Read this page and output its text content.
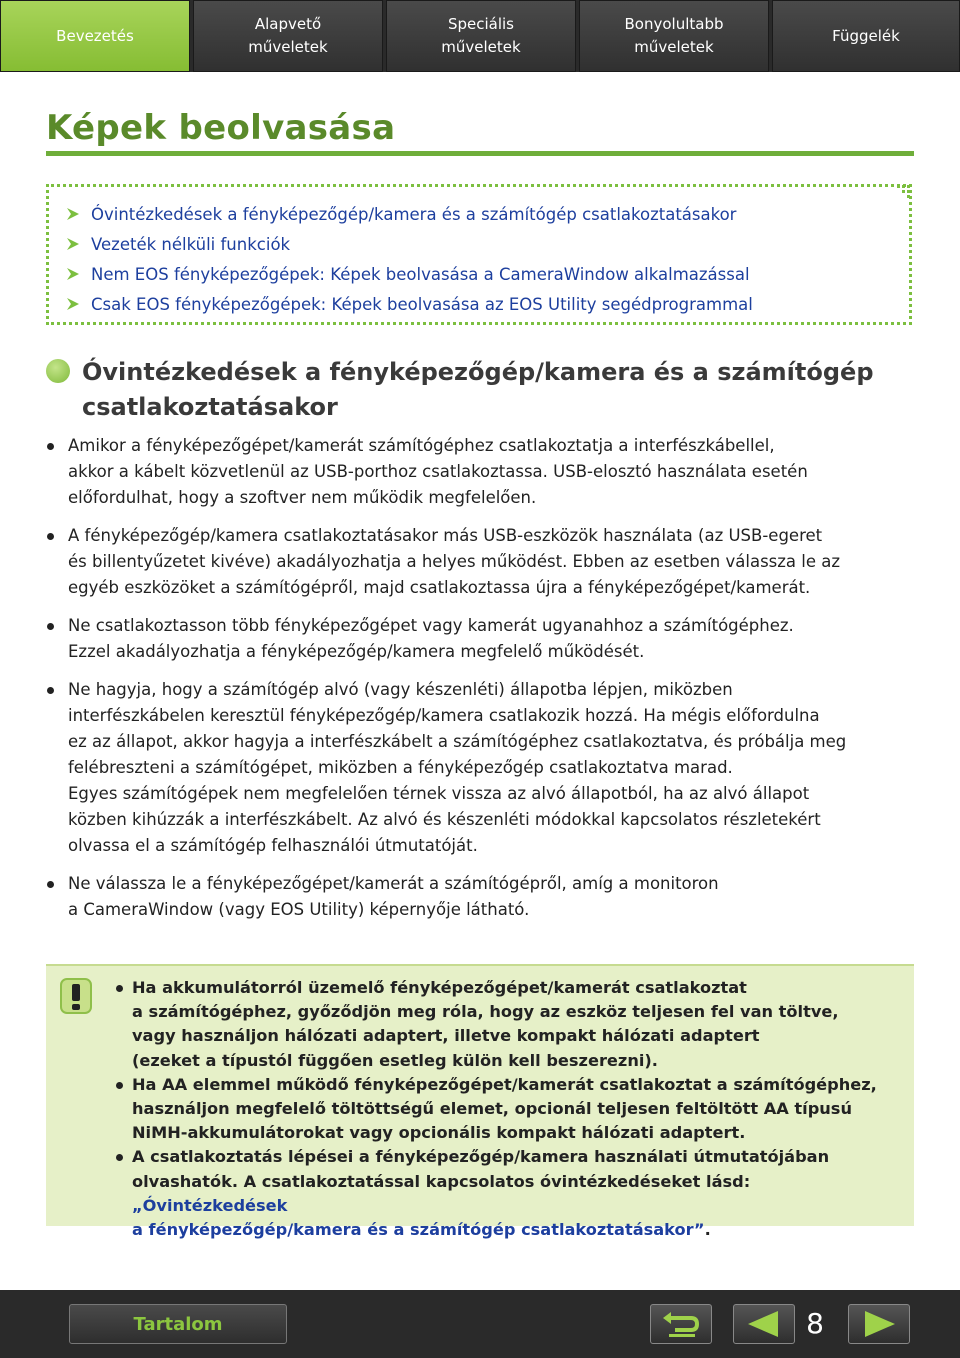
Bevezetés
Alapvető
műveletek
Speciális
műveletek
Bonyolultabb
műveletek
Függelék
Képek beolvasása
Óvintézkedések a fényképezőgép/kamera és a számítógép csatlakoztatásakor
Vezeték nélküli funkciók
Nem EOS fényképezőgépek: Képek beolvasása a CameraWindow alkalmazással
Csak EOS fényképezőgépek: Képek beolvasása az EOS Utility segédprogrammal
Óvintézkedések a fényképezőgép/kamera és a számítógép csatlakoztatásakor
Amikor a fényképezőgépet/kamerát számítógéphez csatlakoztatja a interfészkábellel,
akkor a kábelt közvetlenül az USB-porthoz csatlakoztassa. USB-elosztó használata esetén
előfordulhat, hogy a szoftver nem működik megfelelően.
A fényképezőgép/kamera csatlakoztatásakor más USB-eszközök használata (az USB-egeret
és billentyűzetet kivéve) akadályozhatja a helyes működést. Ebben az esetben válassza le az
egyéb eszközöket a számítógépről, majd csatlakoztassa újra a fényképezőgépet/kamerát.
Ne csatlakoztasson több fényképezőgépet vagy kamerát ugyanahhoz a számítógéphez.
Ezzel akadályozhatja a fényképezőgép/kamera megfelelő működését.
Ne hagyja, hogy a számítógép alvó (vagy készenléti) állapotba lépjen, miközben
interfészkábelen keresztül fényképezőgép/kamera csatlakozik hozzá. Ha mégis előfordulna
ez az állapot, akkor hagyja a interfészkábelt a számítógéphez csatlakoztatva, és próbálja meg
felébreszteni a számítógépet, miközben a fényképezőgép csatlakoztatva marad.
Egyes számítógépek nem megfelelően térnek vissza az alvó állapotból, ha az alvó állapot
közben kihúzzák a interfészkábelt. Az alvó és készenléti módokkal kapcsolatos részletekért
olvassa el a számítógép felhasználói útmutatóját.
Ne válassza le a fényképezőgépet/kamerát a számítógépről, amíg a monitoron
a CameraWindow (vagy EOS Utility) képernyője látható.
Ha akkumulátorról üzemelő fényképezőgépet/kamerát csatlakoztat
a számítógéphez, győződjön meg róla, hogy az eszköz teljesen fel van töltve,
vagy használjon hálózati adaptert, illetve kompakt hálózati adaptert
(ezeket a típustól függően esetleg külön kell beszerezni).
Ha AA elemmel működő fényképezőgépet/kamerát csatlakoztat a számítógéphez,
használjon megfelelő töltöttségű elemet, opcionál teljesen feltöltött AA típusú
NiMH-akkumulátorokat vagy opcionális kompakt hálózati adaptert.
A csatlakoztatás lépései a fényképezőgép/kamera használati útmutatójában
olvashatók. A csatlakoztatással kapcsolatos óvintézkedéseket lásd: „Óvintézkedések
a fényképezőgép/kamera és a számítógép csatlakoztatásakor”.
Tartalom	8
